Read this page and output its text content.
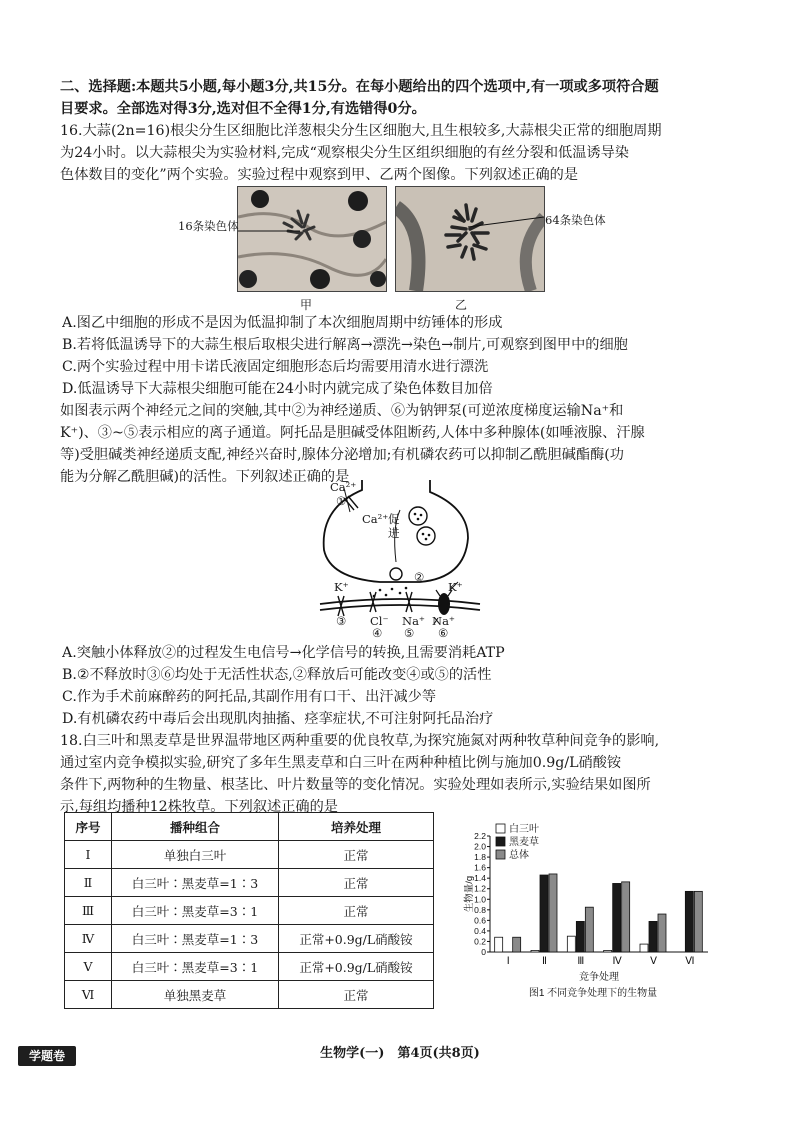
二、选择题:本题共5小题,每小题3分,共15分。在每小题给出的四个选项中,有一项或多项符合题
目要求。全部选对得3分,选对但不全得1分,有选错得0分。
16.大蒜(2n=16)根尖分生区细胞比洋葱根尖分生区细胞大,且生根较多,大蒜根尖正常的细胞周期
为24小时。以大蒜根尖为实验材料,完成“观察根尖分生区组织细胞的有丝分裂和低温诱导染
色体数目的变化”两个实验。实验过程中观察到甲、乙两个图像。下列叙述正确的是
16条染色体
甲
64条染色体
乙
A.图乙中细胞的形成不是因为低温抑制了本次细胞周期中纺锤体的形成
B.若将低温诱导下的大蒜生根后取根尖进行解离→漂洗→染色→制片,可观察到图甲中的细胞
C.两个实验过程中用卡诺氏液固定细胞形态后均需要用清水进行漂洗
D.低温诱导下大蒜根尖细胞可能在24小时内就完成了染色体数目加倍
如图表示两个神经元之间的突触,其中②为神经递质、⑥为钠钾泵(可逆浓度梯度运输Na⁺和
K⁺)、③~⑤表示相应的离子通道。阿托品是胆碱受体阻断药,人体中多种腺体(如唾液腺、汗腺
等)受胆碱类神经递质支配,神经兴奋时,腺体分泌增加;有机磷农药可以抑制乙酰胆碱酯酶(功
能为分解乙酰胆碱)的活性。下列叙述正确的是
Ca²⁺
①
Ca²⁺ 促进
②
K⁺	K⁺
③ Cl⁻ Na⁺ Na⁺
④ ⑤ ⑥
A.突触小体释放②的过程发生电信号→化学信号的转换,且需要消耗ATP
B.②不释放时③⑥均处于无活性状态,②释放后可能改变④或⑤的活性
C.作为手术前麻醉药的阿托品,其副作用有口干、出汗减少等
D.有机磷农药中毒后会出现肌肉抽搐、痉挛症状,不可注射阿托品治疗
18.白三叶和黑麦草是世界温带地区两种重要的优良牧草,为探究施氮对两种牧草种间竞争的影响,
通过室内竞争模拟实验,研究了多年生黑麦草和白三叶在两种种植比例与施加0.9g/L硝酸铵
条件下,两物种的生物量、根茎比、叶片数量等的变化情况。实验处理如表所示,实验结果如图所
示,每组均播种12株牧草。下列叙述正确的是
序号	播种组合	培养处理
Ⅰ	单独白三叶	正常
Ⅱ	白三叶∶黑麦草=1∶3	正常
Ⅲ	白三叶∶黑麦草=3∶1	正常
Ⅳ	白三叶∶黑麦草=1∶3	正常+0.9g/L硝酸铵
Ⅴ	白三叶∶黑麦草=3∶1	正常+0.9g/L硝酸铵
Ⅵ	单独黑麦草	正常
0
0.2
0.4
0.6
0.8
1.0
1.2
1.4
1.6
1.8
2.0
2.2
生物量/g
Ⅰ	Ⅱ	Ⅲ	Ⅳ	Ⅴ	Ⅵ
竞争处理
图1 不同竞争处理下的生物量
白三叶
黑麦草
总体
生物学(一)　第4页(共8页)
学题卷
